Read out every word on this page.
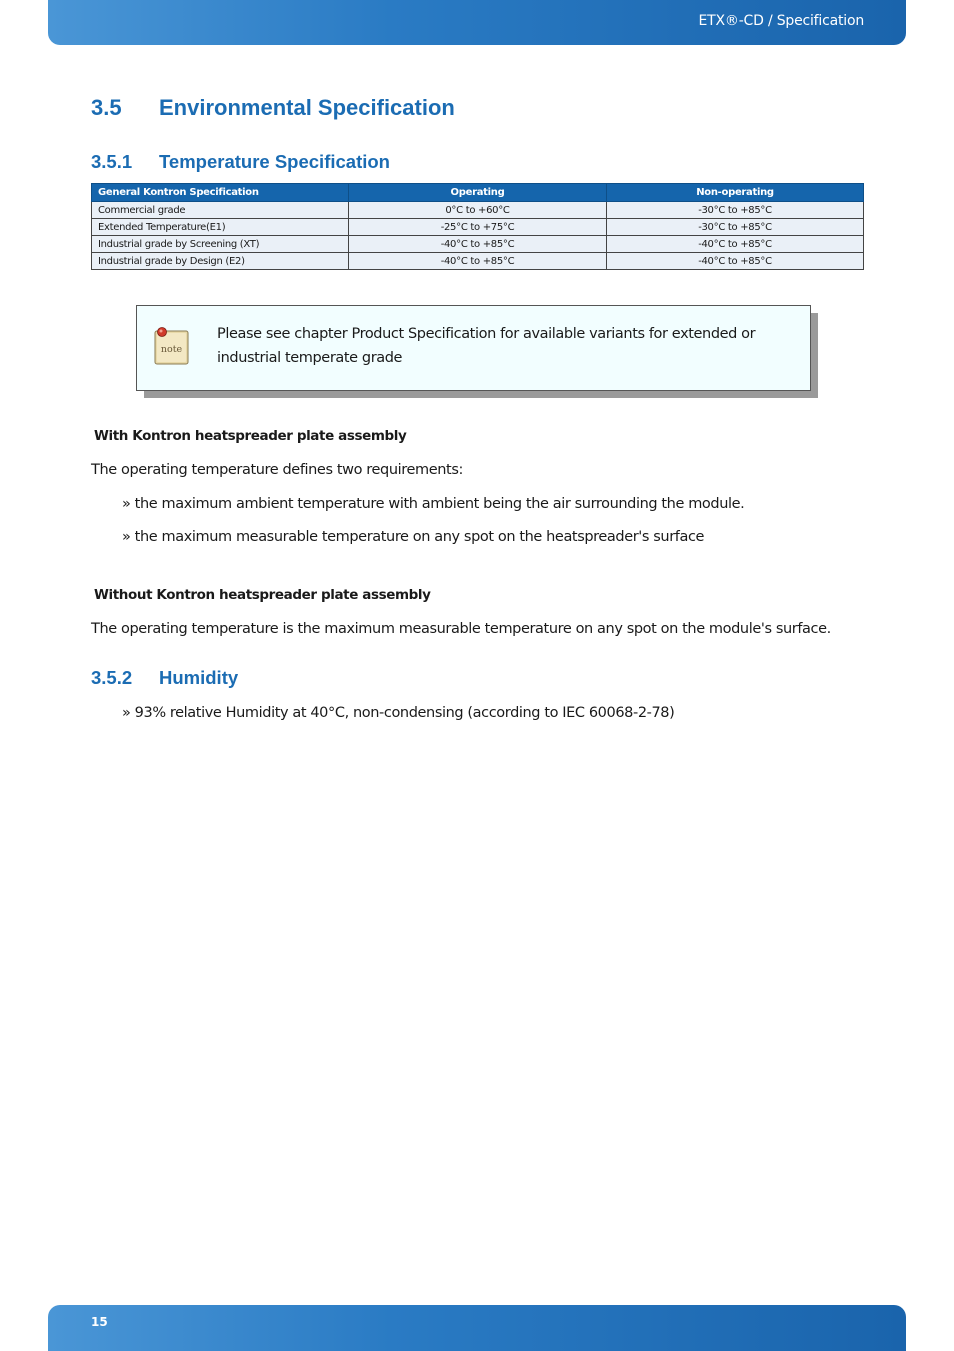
ETX®-CD / Specification
3.5 Environmental Specification
3.5.1 Temperature Specification
General Kontron Specification	Operating	Non-operating
Commercial grade	0°C to +60°C	-30°C to +85°C
Extended Temperature(E1)	-25°C to +75°C	-30°C to +85°C
Industrial grade by Screening (XT)	-40°C to +85°C	-40°C to +85°C
Industrial grade by Design (E2)	-40°C to +85°C	-40°C to +85°C
note
Please see chapter Product Specification for available variants for extended or industrial temperate grade
With Kontron heatspreader plate assembly
The operating temperature defines two requirements:
» the maximum ambient temperature with ambient being the air surrounding the module.
» the maximum measurable temperature on any spot on the heatspreader's surface
Without Kontron heatspreader plate assembly
The operating temperature is the maximum measurable temperature on any spot on the module's surface.
3.5.2 Humidity
» 93% relative Humidity at 40°C, non-condensing (according to IEC 60068-2-78)
15
